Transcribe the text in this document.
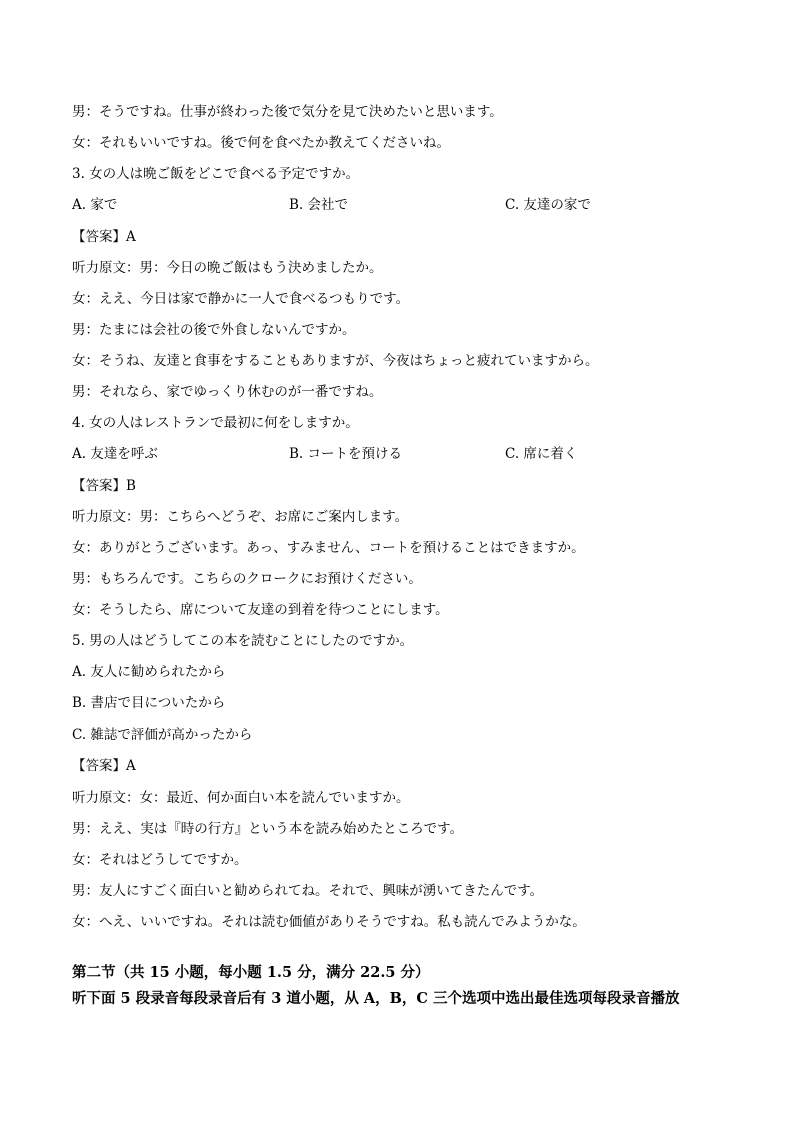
男：そうですね。仕事が終わった後で気分を見て決めたいと思います。
女：それもいいですね。後で何を食べたか教えてくださいね。
3. 女の人は晩ご飯をどこで食べる予定ですか。
A. 家で	B. 会社で	C. 友達の家で
【答案】A
听力原文：男：今日の晩ご飯はもう決めましたか。
女：ええ、今日は家で静かに一人で食べるつもりです。
男：たまには会社の後で外食しないんですか。
女：そうね、友達と食事をすることもありますが、今夜はちょっと疲れていますから。
男：それなら、家でゆっくり休むのが一番ですね。
4. 女の人はレストランで最初に何をしますか。
A. 友達を呼ぶ	B. コートを預ける	C. 席に着く
【答案】B
听力原文：男：こちらへどうぞ、お席にご案内します。
女：ありがとうございます。あっ、すみません、コートを預けることはできますか。
男：もちろんです。こちらのクロークにお預けください。
女：そうしたら、席について友達の到着を待つことにします。
5. 男の人はどうしてこの本を読むことにしたのですか。
A. 友人に勧められたから
B. 書店で目についたから
C. 雑誌で評価が高かったから
【答案】A
听力原文：女：最近、何か面白い本を読んでいますか。
男：ええ、実は『時の行方』という本を読み始めたところです。
女：それはどうしてですか。
男：友人にすごく面白いと勧められてね。それで、興味が湧いてきたんです。
女：へえ、いいですね。それは読む価値がありそうですね。私も読んでみようかな。
第二节（共 15 小题，每小题 1.5 分，满分 22.5 分）
听下面 5 段录音每段录音后有 3 道小题，从 A，B，C 三个选项中选出最佳选项每段录音播放
